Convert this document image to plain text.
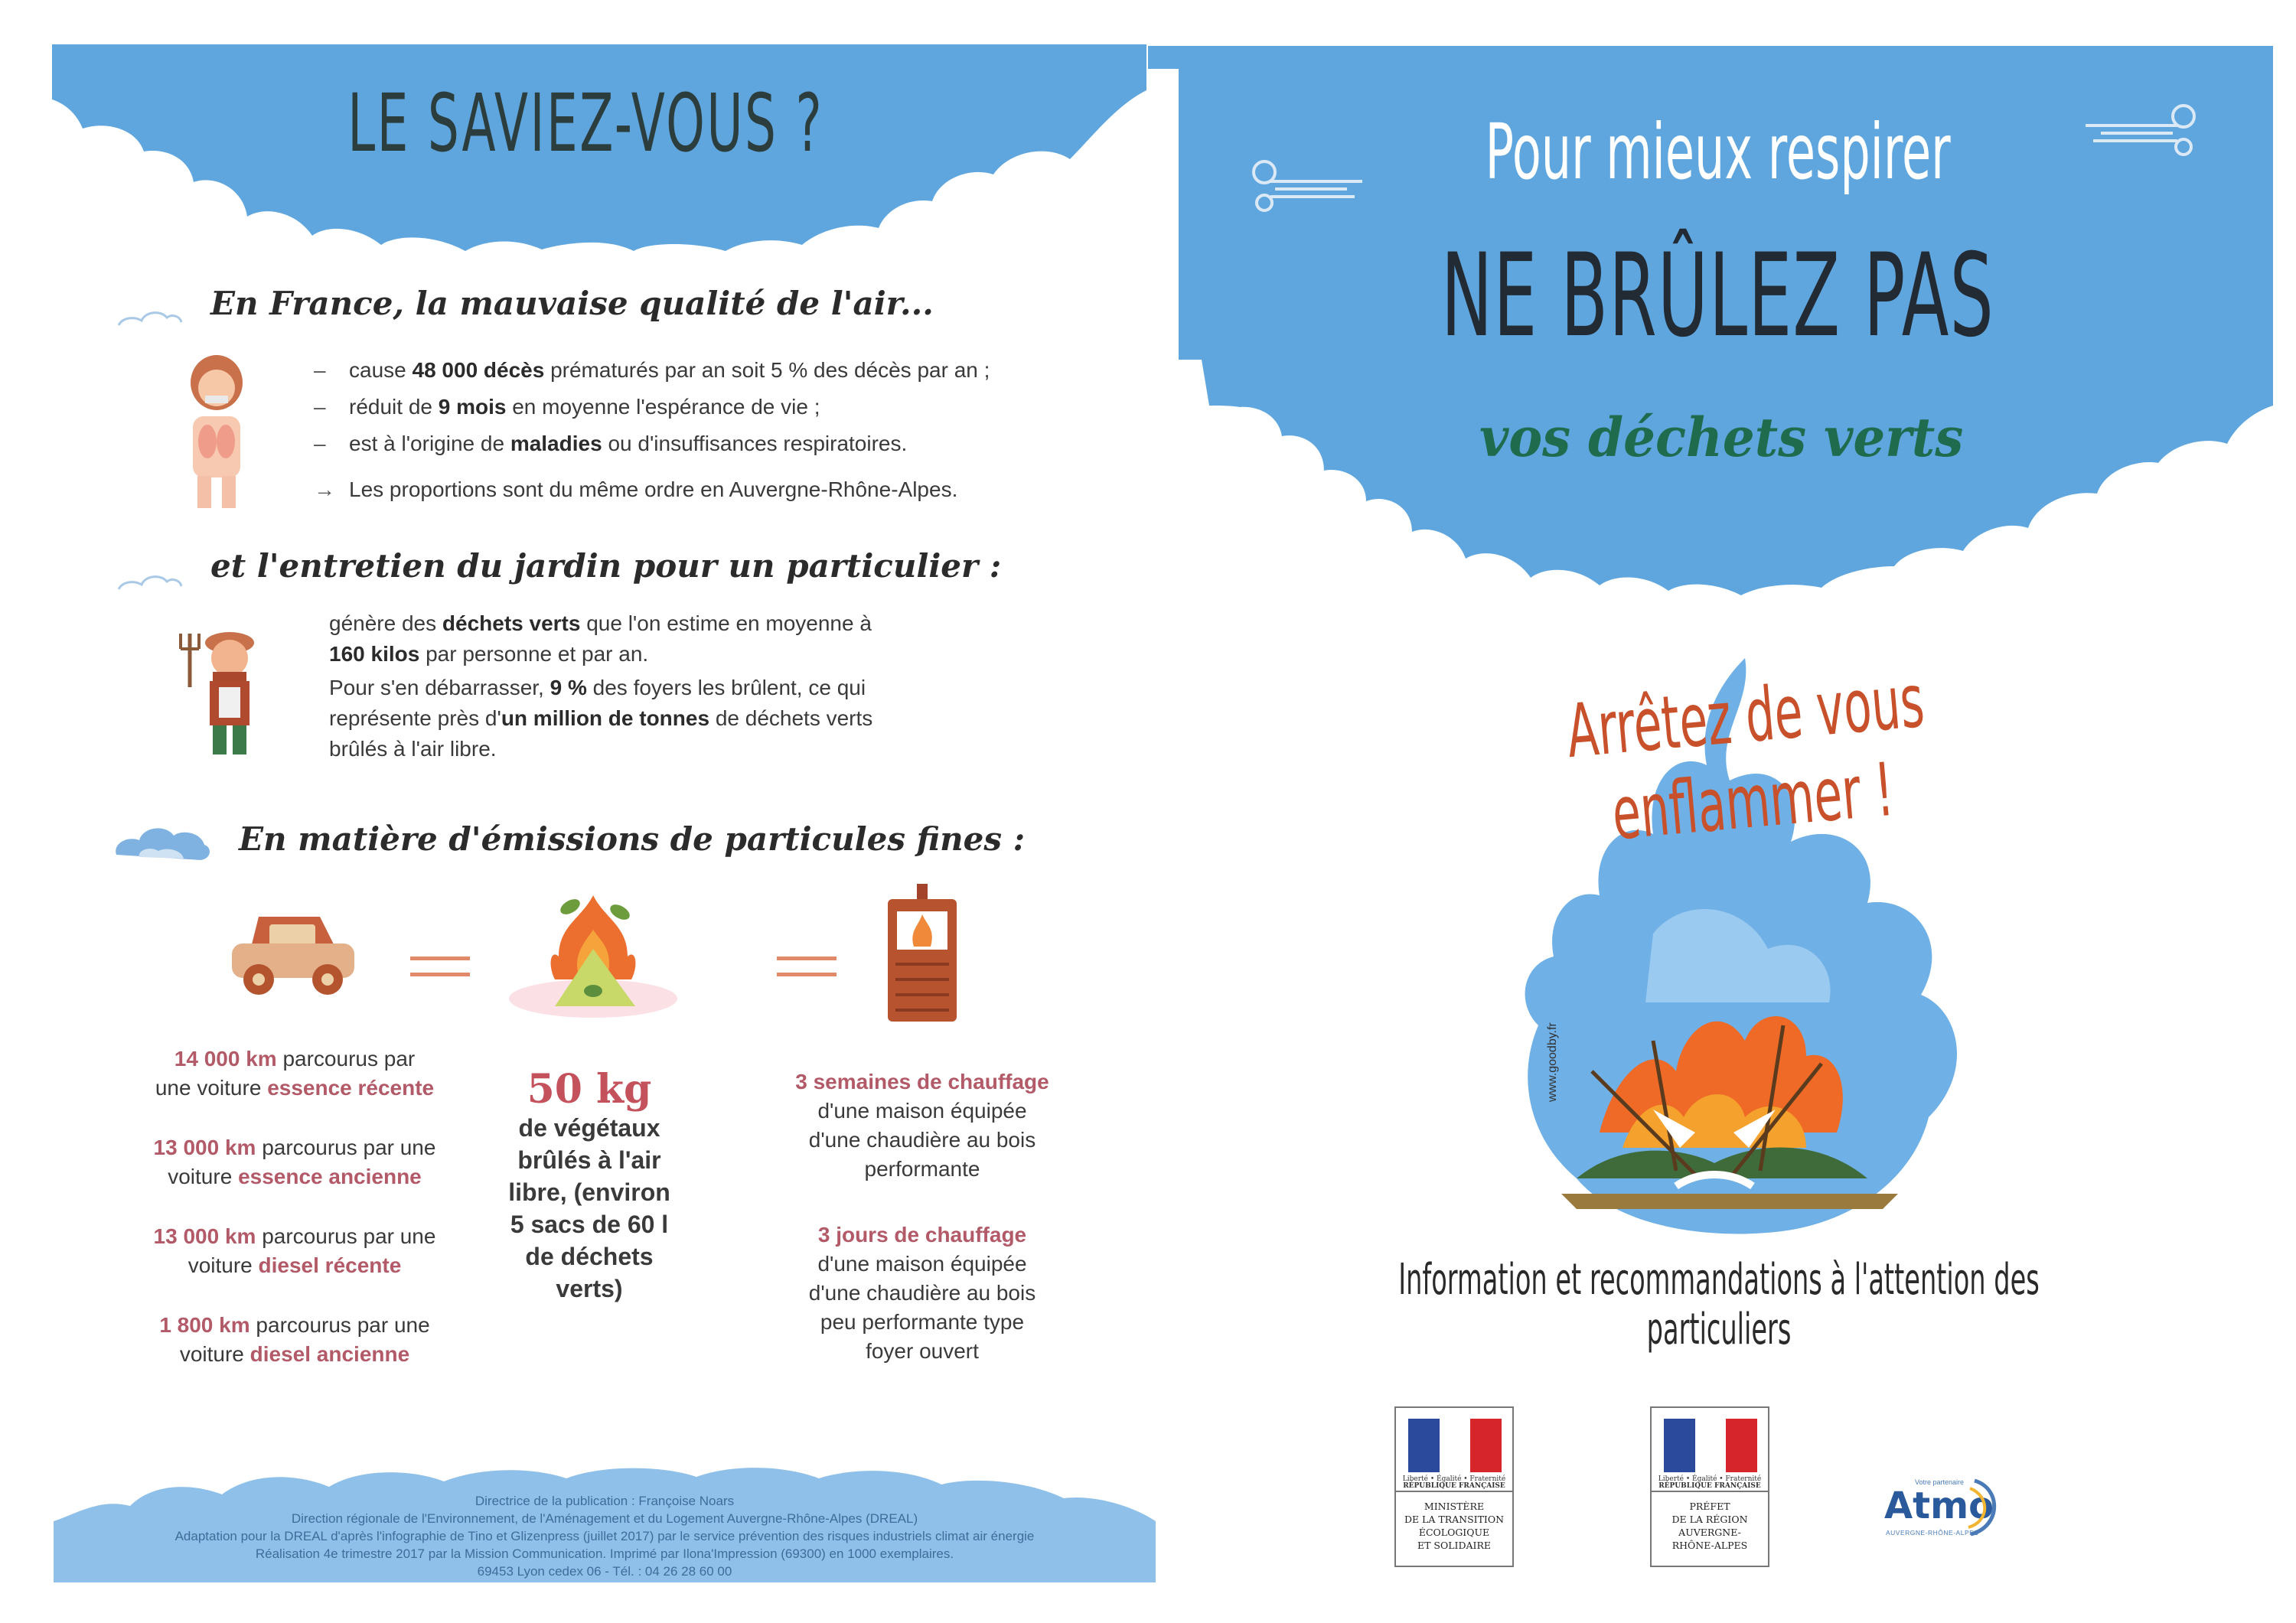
LE SAVIEZ-VOUS ?
En France, la mauvaise qualité de l'air...
– cause 48 000 décès prématurés par an soit 5 % des décès par an ;
– réduit de 9 mois en moyenne l'espérance de vie ;
– est à l'origine de maladies ou d'insuffisances respiratoires.
→ Les proportions sont du même ordre en Auvergne-Rhône-Alpes.
et l'entretien du jardin pour un particulier :
génère des déchets verts que l'on estime en moyenne à
160 kilos par personne et par an.
Pour s'en débarrasser, 9 % des foyers les brûlent, ce qui représente près d'un million de tonnes de déchets verts brûlés à l'air libre.
En matière d'émissions de particules fines :
14 000 km parcourus par
une voiture essence récente
13 000 km parcourus par une
voiture essence ancienne
13 000 km parcourus par une
voiture diesel récente
1 800 km parcourus par une
voiture diesel ancienne
50 kg
de végétaux
brûlés à l'air
libre, (environ
5 sacs de 60 l
de déchets
verts)
3 semaines de chauffage
d'une maison équipée
d'une chaudière au bois
performante
3 jours de chauffage
d'une maison équipée
d'une chaudière au bois
peu performante type
foyer ouvert
Directrice de la publication : Françoise Noars
Direction régionale de l'Environnement, de l'Aménagement et du Logement Auvergne-Rhône-Alpes (DREAL)
Adaptation pour la DREAL d'après l'infographie de Tino et Glizenpress (juillet 2017) par le service prévention des risques industriels climat air énergie
Réalisation 4e trimestre 2017 par la Mission Communication. Imprimé par Ilona'Impression (69300) en 1000 exemplaires.
69453 Lyon cedex 06 - Tél. : 04 26 28 60 00
Pour mieux respirer
NE BRÛLEZ PAS
vos déchets verts
Arrêtez de vous enflammer !
www.goodby.fr
Information et recommandations à l'attention des particuliers
Liberté • Égalité • Fraternité
RÉPUBLIQUE FRANÇAISE
MINISTÈRE
DE LA TRANSITION
ÉCOLOGIQUE
ET SOLIDAIRE
Liberté • Égalité • Fraternité
RÉPUBLIQUE FRANÇAISE
PRÉFET
DE LA RÉGION
AUVERGNE-
RHÔNE-ALPES
Votre partenaire
Atmo
AUVERGNE-RHÔNE-ALPES
